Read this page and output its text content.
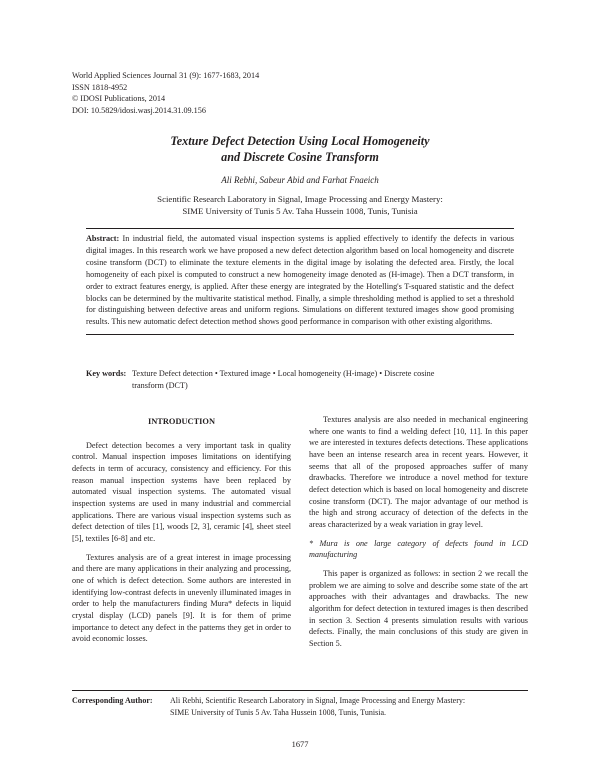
World Applied Sciences Journal 31 (9): 1677-1683, 2014
ISSN 1818-4952
© IDOSI Publications, 2014
DOI: 10.5829/idosi.wasj.2014.31.09.156
Texture Defect Detection Using Local Homogeneity
and Discrete Cosine Transform
Ali Rebhi, Sabeur Abid and Farhat Fnaeich
Scientific Research Laboratory in Signal, Image Processing and Energy Mastery:
SIME University of Tunis 5 Av. Taha Hussein 1008, Tunis, Tunisia
Abstract: In industrial field, the automated visual inspection systems is applied effectively to identify the defects in various digital images. In this research work we have proposed a new defect detection algorithm based on local homogeneity and discrete cosine transform (DCT) to eliminate the texture elements in the digital image by isolating the defected area. Firstly, the local homogeneity of each pixel is computed to construct a new homogeneity image denoted as (H-image). Then a DCT transform, in order to extract features energy, is applied. After these energy are integrated by the Hotelling's T-squared statistic and the defect blocks can be determined by the multivarite statistical method. Finally, a simple thresholding method is applied to set a threshold for distinguishing between defective areas and uniform regions. Simulations on different textured images show good promising results. This new automatic defect detection method shows good performance in comparison with other existing algorithms.
Key words: Texture Defect detection • Textured image • Local homogeneity (H-image) • Discrete cosine
transform (DCT)
INTRODUCTION

Defect detection becomes a very important task in quality control. Manual inspection imposes limitations on identifying defects in term of accuracy, consistency and efficiency. For this reason manual inspection systems have been replaced by automated visual inspection systems. The automated visual inspection systems are used in many industrial and commercial applications. There are various visual inspection systems such as defect detection of tiles [1], woods [2, 3], ceramic [4], sheet steel [5], textiles [6-8] and etc.

Textures analysis are of a great interest in image processing and there are many applications in their analyzing and processing, one of which is defect detection. Some authors are interested in identifying low-contrast defects in unevenly illuminated images in order to help the manufacturers finding Mura* defects in liquid crystal display (LCD) panels [9]. It is for them of prime importance to detect any defect in the patterns they get in order to avoid economic losses.

Textures analysis are also needed in mechanical engineering where one wants to find a welding defect [10, 11]. In this paper we are interested in textures defects detections. These applications have been an intense research area in recent years. However, it seems that all of the proposed approaches suffer of many drawbacks. Therefore we introduce a novel method for texture defect detection which is based on local homogeneity and discrete cosine transform (DCT). The major advantage of our method is the high and strong accuracy of detection of the defects in the areas characterized by a weak variation in gray level.

* Mura is one large category of defects found in LCD manufacturing

This paper is organized as follows: in section 2 we recall the problem we are aiming to solve and describe some state of the art approaches with their advantages and drawbacks. The new algorithm for defect detection in textured images is then described in section 3. Section 4 presents simulation results with various defects. Finally, the main conclusions of this study are given in Section 5.

Corresponding Author: Ali Rebhi, Scientific Research Laboratory in Signal, Image Processing and Energy Mastery:
SIME University of Tunis 5 Av. Taha Hussein 1008, Tunis, Tunisia.
1677
